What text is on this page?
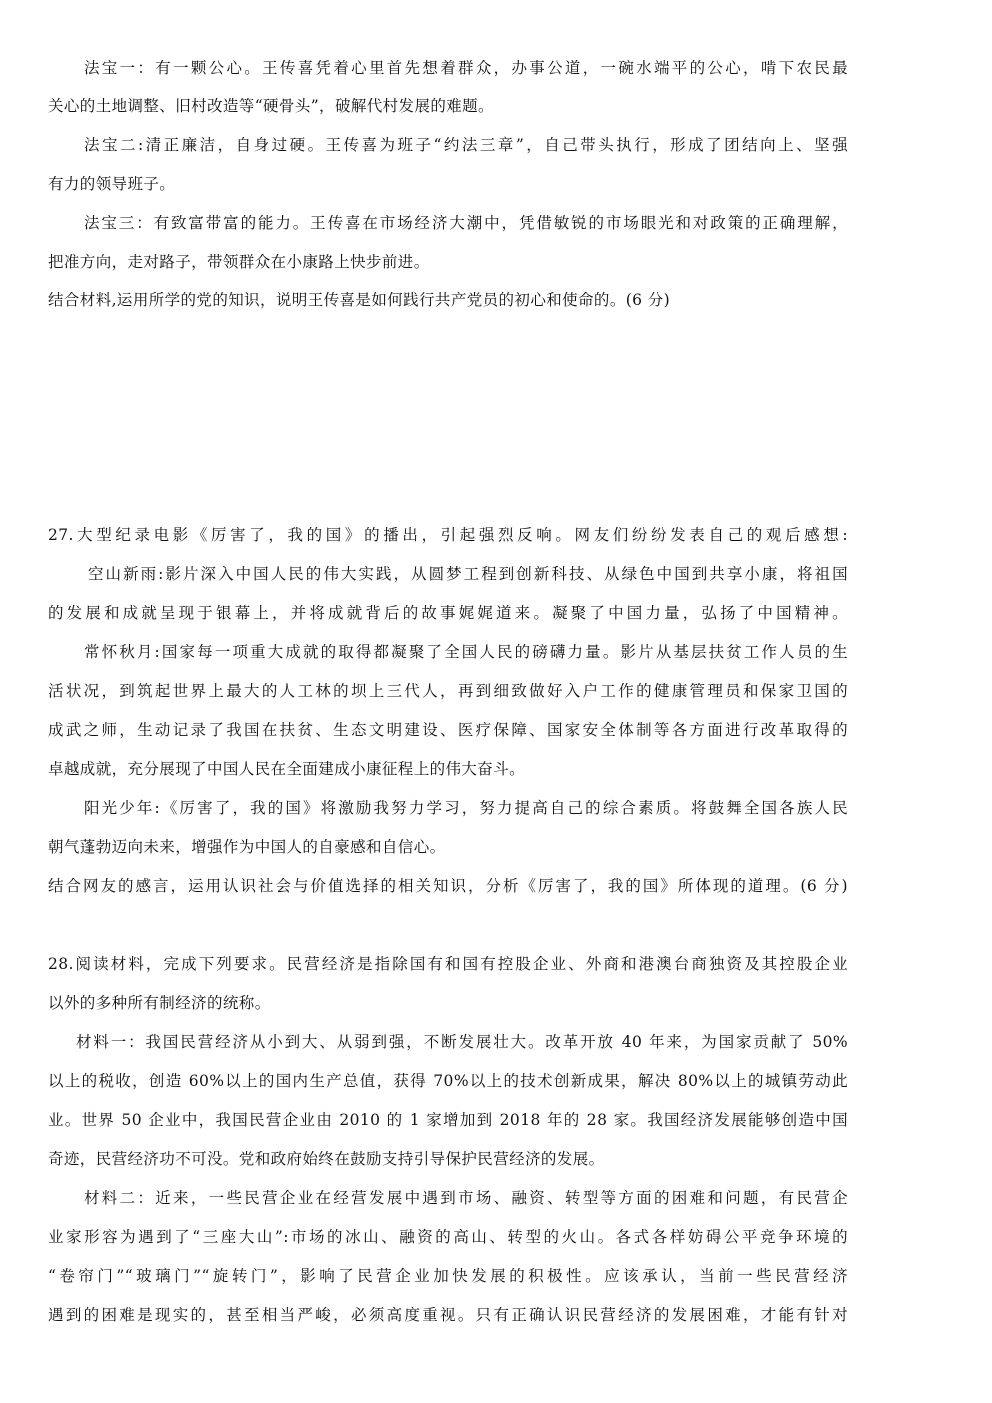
法宝一：有一颗公心。王传喜凭着心里首先想着群众，办事公道，一碗水端平的公心，啃下农民最
关心的土地调整、旧村改造等“硬骨头”，破解代村发展的难题。
法宝二:清正廉洁，自身过硬。王传喜为班子“约法三章”，自己带头执行，形成了团结向上、坚强
有力的领导班子。
法宝三：有致富带富的能力。王传喜在市场经济大潮中，凭借敏锐的市场眼光和对政策的正确理解，
把准方向，走对路子，带领群众在小康路上快步前进。
结合材料,运用所学的党的知识，说明王传喜是如何践行共产党员的初心和使命的。(6 分)
27.大型纪录电影《厉害了，我的国》的播出，引起强烈反响。网友们纷纷发表自己的观后感想:
空山新雨:影片深入中国人民的伟大实践，从圆梦工程到创新科技、从绿色中国到共享小康，将祖国
的发展和成就呈现于银幕上，并将成就背后的故事娓娓道来。凝聚了中国力量，弘扬了中国精神。
常怀秋月:国家每一项重大成就的取得都凝聚了全国人民的磅礴力量。影片从基层扶贫工作人员的生
活状况，到筑起世界上最大的人工林的坝上三代人，再到细致做好入户工作的健康管理员和保家卫国的
成武之师，生动记录了我国在扶贫、生态文明建设、医疗保障、国家安全体制等各方面进行改革取得的
卓越成就，充分展现了中国人民在全面建成小康征程上的伟大奋斗。
阳光少年:《厉害了，我的国》将激励我努力学习，努力提高自己的综合素质。将鼓舞全国各族人民
朝气蓬勃迈向未来，增强作为中国人的自豪感和自信心。
结合网友的感言，运用认识社会与价值选择的相关知识，分析《厉害了，我的国》所体现的道理。(6 分)
28.阅读材料，完成下列要求。民营经济是指除国有和国有控股企业、外商和港澳台商独资及其控股企业
以外的多种所有制经济的统称。
材料一：我国民营经济从小到大、从弱到强，不断发展壮大。改革开放 40 年来，为国家贡献了 50%
以上的税收，创造 60%以上的国内生产总值，获得 70%以上的技术创新成果，解决 80%以上的城镇劳动此
业。世界 50 企业中，我国民营企业由 2010 的 1 家增加到 2018 年的 28 家。我国经济发展能够创造中国
奇迹，民营经济功不可没。党和政府始终在鼓励支持引导保护民营经济的发展。
材料二：近来，一些民营企业在经营发展中遇到市场、融资、转型等方面的困难和问题，有民营企
业家形容为遇到了“三座大山”:市场的冰山、融资的高山、转型的火山。各式各样妨碍公平竞争环境的
“卷帘门”“玻璃门”“旋转门”，影响了民营企业加快发展的积极性。应该承认，当前一些民营经济
遇到的困难是现实的，甚至相当严峻，必须高度重视。只有正确认识民营经济的发展困难，才能有针对
